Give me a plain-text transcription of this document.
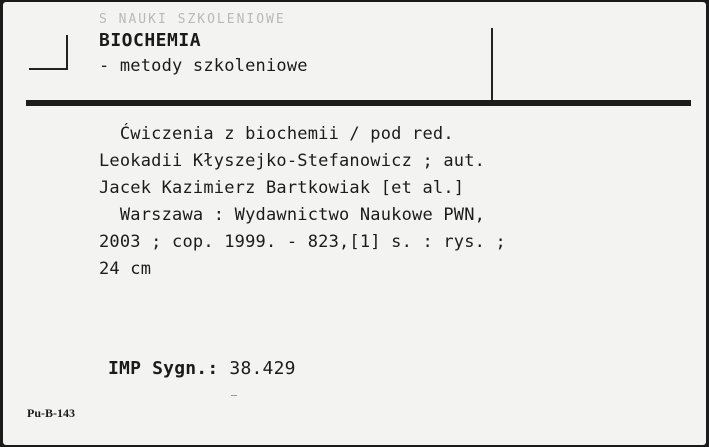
S NAUKI SZKOLENIOWE
BIOCHEMIA
- metody szkoleniowe
Ćwiczenia z biochemii / pod red.
Leokadii Kłyszejko-Stefanowicz ; aut.
Jacek Kazimierz Bartkowiak [et al.]
Warszawa : Wydawnictwo Naukowe PWN,
2003 ; cop. 1999. - 823,[1] s. : rys. ;
24 cm
IMP Sygn.: 38.429
Pu-B-143
